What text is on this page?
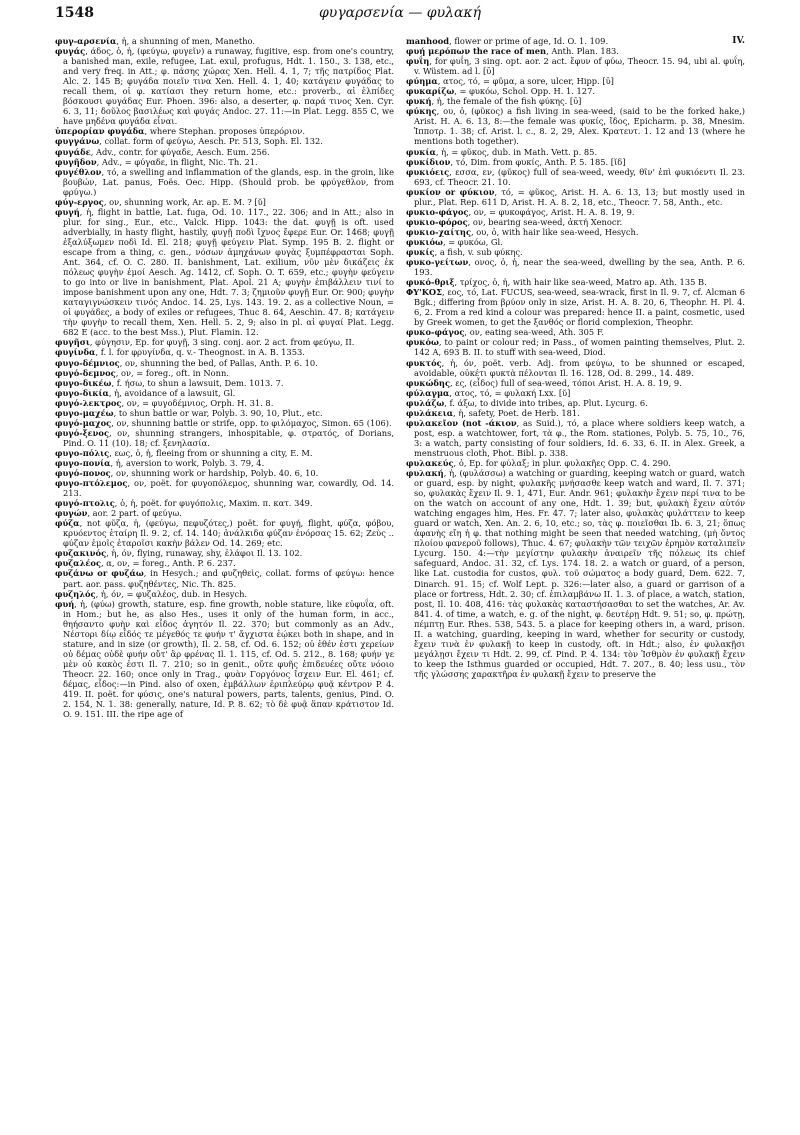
1548	φυγαρσενία — φυλακή

φυγ-αρσενία, ἡ, a shunning of men, Manetho.

φυγάς, άδος, ὁ, ἡ, (φεύγω, φυγεῖν) a runaway, fugitive, esp. from one's country, a banished man, exile, refugee, Lat. exul, profugus, Hdt. 1. 150., 3. 138, etc., and very freq. in Att.; φ. πάσης χώρας Xen. Hell. 4. 1, 7; τῆς πατρίδος Plat. Alc. 2. 145 B; φυγάδα ποιεῖν τινα Xen. Hell. 4. 1, 40; κατάγειν φυγάδας to recall them, οἱ φ. κατίασι they return home, etc.: proverb., αἱ ἐλπίδες βόσκουσι φυγάδας Eur. Phoen. 396: also, a deserter, φ. παρά τινος Xen. Cyr. 6. 3, 11; δοῦλος βασιλέως καὶ φυγάς Andoc. 27. 11:—in Plat. Legg. 855 C, we have μηδένα φυγάδα εἶναι.

ὑπερορίαν φυγάδα, where Stephan. proposes ὑπερόριον.

φυγγάνω, collat. form of φεύγω, Aesch. Pr. 513, Soph. El. 132.

φυγάδε, Adv., contr. for φύγαδε, Aesch. Eum. 256.

φυγῆδον, Adv., = φύγαδε, in flight, Nic. Th. 21.

φυγέθλον, τό, a swelling and inflammation of the glands, esp. in the groin, like βουβών, Lat. panus, Foës. Oec. Hipp. (Should prob. be φρύγεθλον, from φρύγω.)

φύγ-εργος, ον, shunning work, Ar. ap. E. M. ? [ῠ]

φυγή, ἡ, flight in battle, Lat. fuga, Od. 10. 117., 22. 306; and in Att.; also in plur. for sing., Eur., etc., Valck. Hipp. 1043: the dat. φυγῇ is oft. used adverbially, in hasty flight, hastily, φυγῇ ποδὶ ἴχνος ἔφερε Eur. Or. 1468; φυγῇ ἐξαλύξωμεν ποδὶ Id. El. 218; φυγῇ φεύγειν Plat. Symp. 195 B. 2. flight or escape from a thing, c. gen., νόσων ἀμηχάνων φυγὰς ξυμπέφρασται Soph. Ant. 364, cf. O. C. 280. II. banishment, Lat. exilium, νῦν μὲν δικάζεις ἐκ πόλεως φυγὴν ἐμοί Aesch. Ag. 1412, cf. Soph. O. T. 659, etc.; φυγὴν φεύγειν to go into or live in banishment, Plat. Apol. 21 A; φυγὴν ἐπιβάλλειν τινί to impose banishment upon any one, Hdt. 7. 3; ζημιοῦν φυγῇ Eur. Or. 900; φυγὴν καταγιγνώσκειν τινός Andoc. 14. 25, Lys. 143. 19. 2. as a collective Noun, = οἱ φυγάδες, a body of exiles or refugees, Thuc 8. 64, Aeschin. 47. 8; κατάγειν τὴν φυγὴν to recall them, Xen. Hell. 5. 2, 9; also in pl. αἱ φυγαί Plat. Legg. 682 E (acc. to the best Mss.), Plut. Flamin. 12.

φυγῆσι, φύγησιν, Ep. for φυγῇ, 3 sing. conj. aor. 2 act. from φεύγω, II.

φυγίνδα, f. l. for φρυγίνδα, q. v.- Theognost. in A. B. 1353.

φυγο-δέμνιος, ον, shunning the bed, of Pallas, Anth. P. 6. 10.

φυγό-δεμνος, ον, = foreg., oft. in Nonn.

φυγο-δικέω, f. ήσω, to shun a lawsuit, Dem. 1013. 7.

φυγο-δικία, ἡ, avoidance of a lawsuit, Gl.

φυγό-λεκτρος, ον, = φυγοδέμνιος, Orph. H. 31. 8.

φυγο-μαχέω, to shun battle or war, Polyb. 3. 90, 10, Plut., etc.

φυγό-μαχος, ον, shunning battle or strife, opp. to φιλόμαχος, Simon. 65 (106).

φυγό-ξενος, ον, shunning strangers, inhospitable, φ. στρατός, of Dorians, Pind. O. 11 (10). 18; cf. ξενηλασία.

φυγο-πόλις, εως, ὁ, ἡ, fleeing from or shunning a city, E. M.

φυγο-πονία, ἡ, aversion to work, Polyb. 3. 79, 4.

φυγό-πονος, ον, shunning work or hardship, Polyb. 40. 6, 10.

φυγο-πτόλεμος, ον, poët. for φυγοπόλεμος, shunning war, cowardly, Od. 14. 213.

φυγό-πτολις, ὁ, ἡ, poët. for φυγόπολις, Maxim. π. κατ. 349.

φυγών, aor. 2 part. of φεύγω.

φύζα, not φῦζα, ἡ, (φεύγω, πεφυζότες,) poët. for φυγή, flight, φύζα, φόβου, κρυόεντος ἑταίρη Il. 9. 2, cf. 14. 140; ἀνάλκιδα φύζαν ἐνόρσας 15. 62; Ζεὺς .. φύζαν ἐμοῖς ἑταροῖσι κακὴν βάλεν Od. 14. 269; etc.

φυζακινός, ἡ, όν, flying, runaway, shy, ἐλάφοι Il. 13. 102.

φυζαλέος, α, ον, = foreg., Anth. P. 6. 237.

φυζάνω or φυζάω, in Hesych.; and φυζηθεὶς, collat. forms of φεύγω: hence part. aor. pass. φυζηθέντες, Nic. Th. 825.

φυζηλός, ἡ, όν, = φυζαλέος, dub. in Hesych.

φυή, ἡ, (φύω) growth, stature, esp. fine growth, noble stature, like εὐφυΐα, oft. in Hom.; but he, as also Hes., uses it only of the human form, in acc., θηήσαντο φυὴν καὶ εἶδος ἀγητόν Il. 22. 370; but commonly as an Adv., Νέστορι δίῳ εἶδός τε μέγεθός τε φυήν τ' ἄγχιστα ἐῴκει both in shape, and in stature, and in size (or growth), Il. 2. 58, cf. Od. 6. 152; οὐ ἑθέν ἐστι χερείων οὐ δέμας οὐδὲ φυήν οὔτ' ἂρ φρένας Il. 1. 115, cf. Od. 5. 212., 8. 168; φυήν γε μὲν οὐ κακὸς ἐστι Il. 7. 210; so in genit., οὔτε φυῆς ἐπιδευέες οὔτε νόοιο Theocr. 22. 160; once only in Trag., φυὰν Γοργόνος ἴσχειν Eur. El. 461; cf. δέμας, εἶδος:—in Pind. also of oxen, ἐμβάλλων ἐριπλεύρῳ φυᾷ κέντρον P. 4. 419. II. poët. for φύσις, one's natural powers, parts, talents, genius, Pind. O. 2. 154, N. 1. 38: generally, nature, Id. P. 8. 62; τὸ δὲ φυᾷ ἅπαν κράτιστον Id. O. 9. 151. III. the ripe age of

manhood, flower or prime of age, Id. O. 1. 109.

φυή μερόπων the race of men, Anth. Plan. 183.

φυΐη, for φυΐη, 3 sing. opt. aor. 2 act. ἔφυν of φύω, Theocr. 15. 94, ubi al. φυΐη, v. Wüstem. ad l. [ῡ]

φύημα, ατος, τό, = φῦμα, a sore, ulcer, Hipp. [ῡ]

φυκαρίζω, = φυκόω, Schol. Opp. H. 1. 127.

φυκή, ἡ, the female of the fish φύκης. [ῡ]

φύκης, ου, ὁ, (φῦκος) a fish living in sea-weed, (said to be the forked hake,) Arist. H. A. 6. 13, 8:—the female was φυκίς, ἴδος, Epicharm. p. 38, Mnesim. Ἱπποτρ. 1. 38; cf. Arist. l. c., 8. 2, 29, Alex. Κρατευτ. 1. 12 and 13 (where he mentions both together).

φυκία, ἡ, = φῦκος, dub. in Math. Vett. p. 85.

φυκίδιον, τό, Dim. from φυκίς, Anth. P. 5. 185. [ῐδ]

φυκιόεις, εσσα, εν, (φῦκος) full of sea-weed, weedy, θῖν' ἐπὶ φυκιόεντι Il. 23. 693, cf. Theocr. 21. 10.

φυκίον or φύκιον, τό, = φῦκος, Arist. H. A. 6. 13, 13; but mostly used in plur., Plat. Rep. 611 D, Arist. H. A. 8. 2, 18, etc., Theocr. 7. 58, Anth., etc.

φυκιο-φάγος, ον, = φυκοφάγος, Arist. H. A. 8. 19, 9.

φυκιο-φόρος, ον, bearing sea-weed, ἀκτή Xenocr.

φυκιο-χαίτης, ου, ὁ, with hair like sea-weed, Hesych.

φυκιόω, = φυκόω, Gl.

φυκίς, a fish, v. sub φύκης.

φυκο-γείτων, ονος, ὁ, ἡ, near the sea-weed, dwelling by the sea, Anth. P. 6. 193.

φυκό-θριξ, τρίχος, ὁ, ἡ, with hair like sea-weed, Matro ap. Ath. 135 B.

ΦΥ'ΚΟΣ, εος, τό, Lat. FUCUS, sea-weed, sea-wrack, first in Il. 9. 7, cf. Alcman 6 Bgk.; differing from βρύον only in size, Arist. H. A. 8. 20, 6, Theophr. H. Pl. 4. 6, 2. From a red kind a colour was prepared: hence II. a paint, cosmetic, used by Greek women, to get the ξανθός or florid complexion, Theophr.

φυκο-φάγος, ον, eating sea-weed, Ath. 305 F.

φυκόω, to paint or colour red; in Pass., of women painting themselves, Plut. 2. 142 A, 693 B. II. to stuff with sea-weed, Diod.

φυκτός, ἡ, όν, poët. verb. Adj. from φεύγω, to be shunned or escaped, avoidable, οὐκέτι φυκτὰ πέλονται Il. 16. 128, Od. 8. 299., 14. 489.

φυκώδης, ες, (εἶδος) full of sea-weed, τόποι Arist. H. A. 8. 19, 9.

φύλαγμα, ατος, τό, = φυλακή Lxx. [ῠ]

φυλάζω, f. άξω, to divide into tribes, ap. Plut. Lycurg. 6.

φυλάκεια, ἡ, safety, Poet. de Herb. 181.

φυλακεῖον (not -άκιον, as Suid.), τό, a place where soldiers keep watch, a post, esp. a watchtower, fort, τὰ φ., the Rom. stationes, Polyb. 5. 75, 10., 76, 3: a watch, party consisting of four soldiers, Id. 6. 33, 6. II. in Alex. Greek, a menstruous cloth, Phot. Bibl. p. 338.

φυλακεύς, ὁ, Ep. for φύλαξ; in plur. φυλακῆες Opp. C. 4. 290.

φυλακή, ἡ, (φυλάσσω) a watching or guarding, keeping watch or guard, watch or guard, esp. by night, φυλακῆς μνήσασθε keep watch and ward, Il. 7. 371; so, φυλακὰς ἔχειν Il. 9. 1, 471, Eur. Andr. 961; φυλακὴν ἔχειν περί τινα to be on the watch on account of any one, Hdt. 1. 39; but, φυλακὴ ἔχειν αὐτόν watching engages him, Hes. Fr. 47. 7; later also, φυλακὰς φυλάττειν to keep guard or watch, Xen. An. 2. 6, 10, etc.; so, τὰς φ. ποιεῖσθαι Ib. 6. 3, 21; ὅπως ἀφανὴς εἴη ἡ φ. that nothing might be seen that needed watching, (μὴ ὄντος πλοίου φανεροῦ follows), Thuc. 4. 67; φυλακὴν τῶν τειχῶν ἐρημὸν καταλιπεῖν Lycurg. 150. 4:—τὴν μεγίστην φυλακὴν ἀναιρεῖν τῆς πόλεως its chief safeguard, Andoc. 31. 32, cf. Lys. 174. 18. 2. a watch or guard, of a person, like Lat. custodia for custos, φυλ. τοῦ σώματος a body guard, Dem. 622. 7, Dinarch. 91. 15; cf. Wolf Lept. p. 326:—later also, a guard or garrison of a place or fortress, Hdt. 2. 30; cf. ἐπιλαμβάνω II. 1. 3. of place, a watch, station, post, Il. 10. 408, 416: τὰς φυλακὰς καταστήσασθαι to set the watches, Ar. Av. 841. 4. of time, a watch, e. g. of the night, φ. δευτέρῃ Hdt. 9. 51; so, φ. πρώτῃ, πέμπτῃ Eur. Rhes. 538, 543. 5. a place for keeping others in, a ward, prison. II. a watching, guarding, keeping in ward, whether for security or custody, ἔχειν τινὰ ἐν φυλακῇ to keep in custody, oft. in Hdt.; also, ἐν φυλακῇσι μεγάλῃσι ἔχειν τι Hdt. 2. 99, cf. Pind. P. 4. 134: τὸν Ἰσθμὸν ἐν φυλακῇ ἔχειν to keep the Isthmus guarded or occupied, Hdt. 7. 207., 8. 40; less usu., τὸν τῆς γλώσσης χαρακτῆρα ἐν φυλακῇ ἔχειν to preserve the

IV.
